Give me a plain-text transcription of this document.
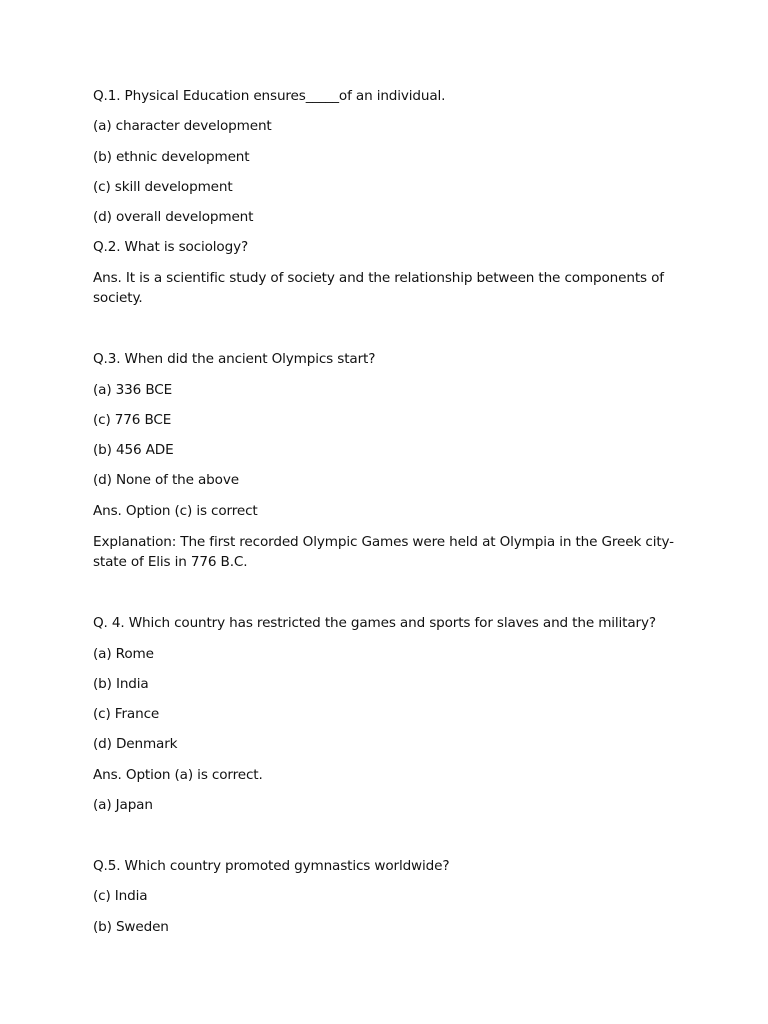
Q.1. Physical Education ensures_____of an individual.
(a) character development
(b) ethnic development
(c) skill development
(d) overall development
Q.2. What is sociology?
Ans. It is a scientific study of society and the relationship between the components of society.
Q.3. When did the ancient Olympics start?
(a) 336 BCE
(c) 776 BCE
(b) 456 ADE
(d) None of the above
Ans. Option (c) is correct
Explanation: The first recorded Olympic Games were held at Olympia in the Greek city-state of Elis in 776 B.C.
Q. 4. Which country has restricted the games and sports for slaves and the military?
(a) Rome
(b) India
(c) France
(d) Denmark
Ans. Option (a) is correct.
(a) Japan
Q.5. Which country promoted gymnastics worldwide?
(c) India
(b) Sweden
